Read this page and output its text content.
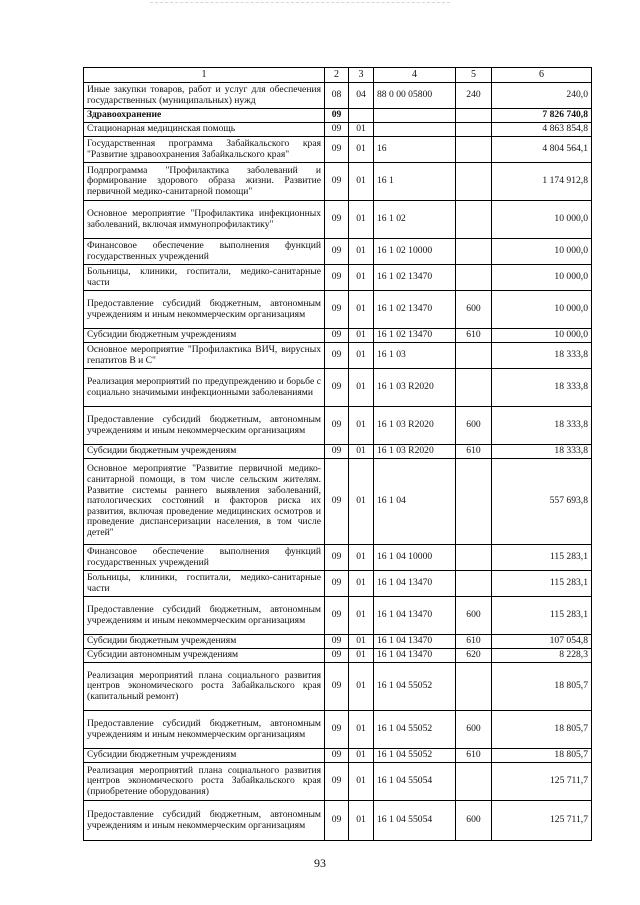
1	2	3	4	5	6
Иные закупки товаров, работ и услуг для обеспечения государственных (муниципальных) нужд	08	04	88 0 00 05800	240	240,0
Здравоохранение	09				7 826 740,8
Стационарная медицинская помощь	09	01			4 863 854,8
Государственная программа Забайкальского края "Развитие здравоохранения Забайкальского края"	09	01	16		4 804 564,1
Подпрограмма "Профилактика заболеваний и формирование здорового образа жизни. Развитие первичной медико-санитарной помощи"	09	01	16 1		1 174 912,8
Основное мероприятие "Профилактика инфекционных заболеваний, включая иммунопрофилактику"	09	01	16 1 02		10 000,0
Финансовое обеспечение выполнения функций государственных учреждений	09	01	16 1 02 10000		10 000,0
Больницы, клиники, госпитали, медико-санитарные части	09	01	16 1 02 13470		10 000,0
Предоставление субсидий бюджетным, автономным учреждениям и иным некоммерческим организациям	09	01	16 1 02 13470	600	10 000,0
Субсидии бюджетным учреждениям	09	01	16 1 02 13470	610	10 000,0
Основное мероприятие "Профилактика ВИЧ, вирусных гепатитов В и С"	09	01	16 1 03		18 333,8
Реализация мероприятий по предупреждению и борьбе с социально значимыми инфекционными заболеваниями	09	01	16 1 03 R2020		18 333,8
Предоставление субсидий бюджетным, автономным учреждениям и иным некоммерческим организациям	09	01	16 1 03 R2020	600	18 333,8
Субсидии бюджетным учреждениям	09	01	16 1 03 R2020	610	18 333,8
Основное мероприятие "Развитие первичной медико-санитарной помощи, в том числе сельским жителям. Развитие системы раннего выявления заболеваний, патологических состояний и факторов риска их развития, включая проведение медицинских осмотров и проведение диспансеризации населения, в том числе детей"	09	01	16 1 04		557 693,8
Финансовое обеспечение выполнения функций государственных учреждений	09	01	16 1 04 10000		115 283,1
Больницы, клиники, госпитали, медико-санитарные части	09	01	16 1 04 13470		115 283,1
Предоставление субсидий бюджетным, автономным учреждениям и иным некоммерческим организациям	09	01	16 1 04 13470	600	115 283,1
Субсидии бюджетным учреждениям	09	01	16 1 04 13470	610	107 054,8
Субсидии автономным учреждениям	09	01	16 1 04 13470	620	8 228,3
Реализация мероприятий плана социального развития центров экономического роста Забайкальского края (капитальный ремонт)	09	01	16 1 04 55052		18 805,7
Предоставление субсидий бюджетным, автономным учреждениям и иным некоммерческим организациям	09	01	16 1 04 55052	600	18 805,7
Субсидии бюджетным учреждениям	09	01	16 1 04 55052	610	18 805,7
Реализация мероприятий плана социального развития центров экономического роста Забайкальского края (приобретение оборудования)	09	01	16 1 04 55054		125 711,7
Предоставление субсидий бюджетным, автономным учреждениям и иным некоммерческим организациям	09	01	16 1 04 55054	600	125 711,7
93
